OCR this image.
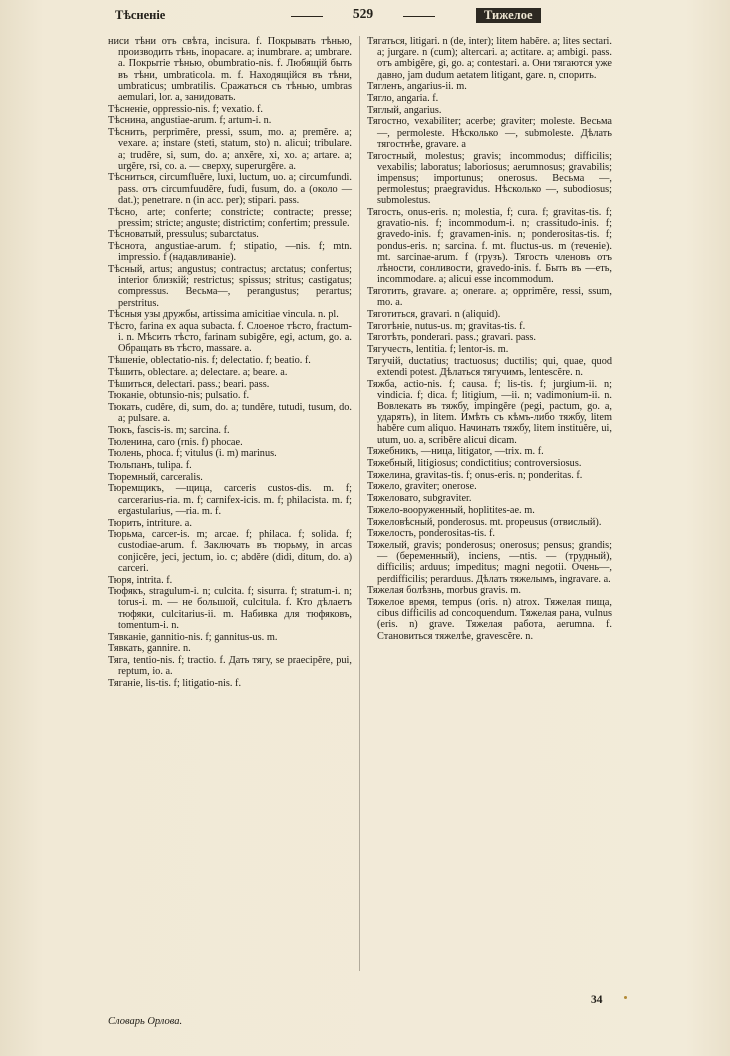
Тѣсненіе	529	Тижелое

ниси тѣни отъ свѣта, incisura. f. Покрывать тѣнью, производить тѣнь, inopacare. a; inumbrare. a; umbrare. a. Покрытіе тѣнью, obumbratio-nis. f. Любящій быть въ тѣни, umbraticola. m. f. Находящійся въ тѣни, umbraticus; umbratilis. Сражаться съ тѣнью, umbras aemulari, lor. a, занидовать.

Тѣсненіе, oppressio-nis. f; vexatio. f.

Тѣснина, angustiae-arum. f; artum-i. n.

Тѣснить, perprimĕre, pressi, ssum, mo. a; premĕre. a; vexare. a; instare (steti, statum, sto) n. alicui; tribulare. a; trudĕre, si, sum, do. a; anxĕre, xi, xo. a; artare. a; urgĕre, rsi, co. a. — сверху, superurgĕre. a.

Тѣсниться, circumfluĕre, luxi, luctum, uo. a; circumfundi. pass. отъ circumfuudĕre, fudi, fusum, do. a (около — dat.); penetrare. n (in acc. per); stipari. pass.

Тѣсно, arte; conferte; constricte; contracte; presse; pressim; stricte; anguste; districtim; confertim; pressule.

Тѣсноватый, pressulus; subarctatus.

Тѣснота, angustiae-arum. f; stipatio, —nis. f; mtn. impressio. f (надавливаніе).

Тѣсный, artus; angustus; contractus; arctatus; confertus; interior близкій; restrictus; spissus; stritus; castigatus; compressus. Весьма—, perangustus; perartus; perstritus.

Тѣсныя узы дружбы, artissima amicitiae vincula. n. pl.

Тѣсто, farina ex aqua subacta. f. Слоеное тѣсто, fractum-i. n. Мѣсить тѣсто, farinam subigĕre, egi, actum, go. a. Обращать въ тѣсто, massare. a.

Тѣшеніе, oblectatio-nis. f; delectatio. f; beatio. f.

Тѣшить, oblectare. a; delectare. a; beare. a.

Тѣшиться, delectari. pass.; beari. pass.

Тюканіе, obtunsio-nis; pulsatio. f.

Тюкать, cudĕre, di, sum, do. a; tundĕre, tutudi, tusum, do. a; pulsare. a.

Тюкъ, fascis-is. m; sarcina. f.

Тюленина, caro (rnis. f) phocae.

Тюлень, phoca. f; vitulus (i. m) marinus.

Тюльпанъ, tulipa. f.

Тюремный, carceralis.

Тюремщикъ, —щица, carceris custos-dis. m. f; carcerarius-ria. m. f; carnifex-icis. m. f; philacista. m. f; ergastularius, —ria. m. f.

Тюрить, intriture. a.

Тюрьма, carcer-is. m; arcae. f; philaca. f; solida. f; custodiae-arum. f. Заключать въ тюрьму, in arcas conjicĕre, jeci, jectum, io. c; abdĕre (didi, ditum, do. a) carceri.

Тюря, intrita. f.

Тюфякъ, stragulum-i. n; culcita. f; sisurra. f; stratum-i. n; torus-i. m. — не большой, culcitula. f. Кто дѣлаетъ тюфяки, culcitarius-ii. m. Набивка для тюфяковъ, tomentum-i. n.

Тявканіе, gannitio-nis. f; gannitus-us. m.

Тявкать, gannire. n.

Тяга, tentio-nis. f; tractio. f. Дать тягу, se praecipĕre, pui, reptum, io. a.

Тяганіе, lis-tis. f; litigatio-nis. f.

Тягаться, litigari. n (de, inter); litem habĕre. a; lites sectari. a; jurgare. n (cum); altercari. a; actitare. a; ambigi. pass. отъ ambigĕre, gi, go. a; contestari. a. Они тягаются уже давно, jam dudum aetatem litigant, gare. n, спорить.

Тягленъ, angarius-ii. m.

Тягло, angaria. f.

Тяглый, angarius.

Тягостно, vexabiliter; acerbe; graviter; moleste. Весьма —, permoleste. Нѣсколько —, submoleste. Дѣлать тягостнѣе, gravare. a

Тягостный, molestus; gravis; incommodus; difficilis; vexabilis; laboratus; laboriosus; aerumnosus; gravabilis; impensus; importunus; onerosus. Весьма —, permolestus; praegravidus. Нѣсколько —, subodiosus; submolestus.

Тягость, onus-eris. n; molestia, f; cura. f; gravitas-tis. f; gravatio-nis. f; incommodum-i. n; crassitudo-inis. f; gravedo-inis. f; gravamen-inis. n; ponderositas-tis. f; pondus-eris. n; sarcina. f. mt. fluctus-us. m (теченіе). mt. sarcinae-arum. f (грузъ). Тягость членовъ отъ лѣности, сонливости, gravedo-inis. f. Быть въ —еть, incommodare. a; alicui esse incommodum.

Тяготить, gravare. a; onerare. a; opprimĕre, ressi, ssum, mo. a.

Тяготиться, gravari. n (aliquid).

Тяготѣніе, nutus-us. m; gravitas-tis. f.

Тяготѣть, ponderari. pass.; gravari. pass.

Тягучесть, lentitia. f; lentor-is. m.

Тягучій, ductatius; tractuosus; ductilis; qui, quae, quod extendi potest. Дѣлаться тягучимъ, lentescĕre. n.

Тяжба, actio-nis. f; causa. f; lis-tis. f; jurgium-ii. n; vindicia. f; dica. f; litigium, —ii. n; vadimonium-ii. n. Вовлекать въ тяжбу, impingĕre (pegi, pactum, go. a, ударять), in litem. Имѣть съ кѣмъ-либо тяжбу, litem habĕre cum aliquo. Начинать тяжбу, litem instituĕre, ui, utum, uo. a, scribĕre alicui dicam.

Тяжебникъ, —ница, litigator, —trix. m. f.

Тяжебный, litigiosus; condictitius; controversiosus.

Тяжелина, gravitas-tis. f; onus-eris. n; ponderitas. f.

Тяжело, graviter; onerose.

Тяжеловато, subgraviter.

Тяжело-вооруженный, hoplitites-ae. m.

Тяжеловѣсный, ponderosus. mt. propeusus (отвислый).

Тяжелость, ponderositas-tis. f.

Тяжелый, gravis; ponderosus; onerosus; pensus; grandis; — (беременный), inciens, —ntis. — (трудный), difficilis; arduus; impeditus; magni negotii. Очень—, perdifficilis; perarduus. Дѣлать тяжелымъ, ingravare. a.

Тяжелая болѣзнь, morbus gravis. m.

Тяжелое время, tempus (oris. n) atrox. Тяжелая пища, cibus difficilis ad concoquendum. Тяжелая рана, vulnus (eris. n) grave. Тяжелая работа, aerumna. f. Становиться тяжелѣе, gravescĕre. n.

34
Словарь Орлова.
